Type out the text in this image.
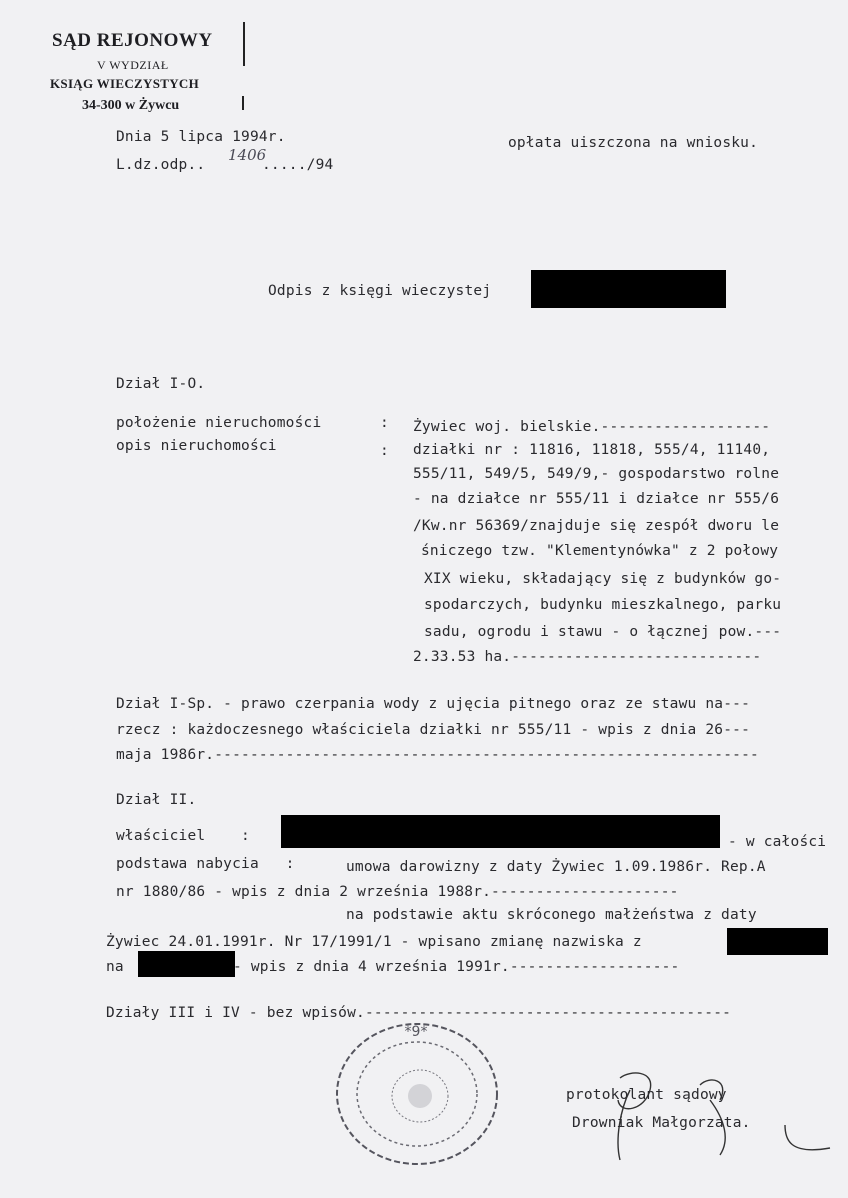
SĄD REJONOWY
V WYDZIAŁ
KSIĄG WIECZYSTYCH
34-300 w Żywcu
Dnia 5 lipca 1994r.
L.dz.odp..
1406
...../94
opłata uiszczona na wniosku.
Odpis z księgi wieczystej
Dział I-O.
położenie nieruchomości	: Żywiec woj. bielskie.-------------------
opis nieruchomości	: działki nr : 11816, 11818, 555/4, 11140,
555/11, 549/5, 549/9,- gospodarstwo rolne
- na działce nr 555/11 i działce nr 555/6
/Kw.nr 56369/znajduje się zespół dworu le
śniczego tzw. "Klementynówka" z 2 połowy
XIX wieku, składający się z budynków go-
spodarczych, budynku mieszkalnego, parku
sadu, ogrodu i stawu - o łącznej pow.---
2.33.53 ha.----------------------------
Dział I-Sp. - prawo czerpania wody z ujęcia pitnego oraz ze stawu na---
rzecz : każdoczesnego właściciela działki nr 555/11 - wpis z dnia 26---
maja 1986r.-------------------------------------------------------------
Dział II.
właściciel    :	- w całości
podstawa nabycia   :	umowa darowizny z daty Żywiec 1.09.1986r. Rep.A
nr 1880/86 - wpis z dnia 2 września 1988r.---------------------
na podstawie aktu skróconego małżeństwa z daty
Żywiec 24.01.1991r. Nr 17/1991/1 - wpisano zmianę nazwiska z
na	- wpis z dnia 4 września 1991r.-------------------
Działy III i IV - bez wpisów.-----------------------------------------
*9*
protokolant sądowy
Drowniak Małgorzata.
